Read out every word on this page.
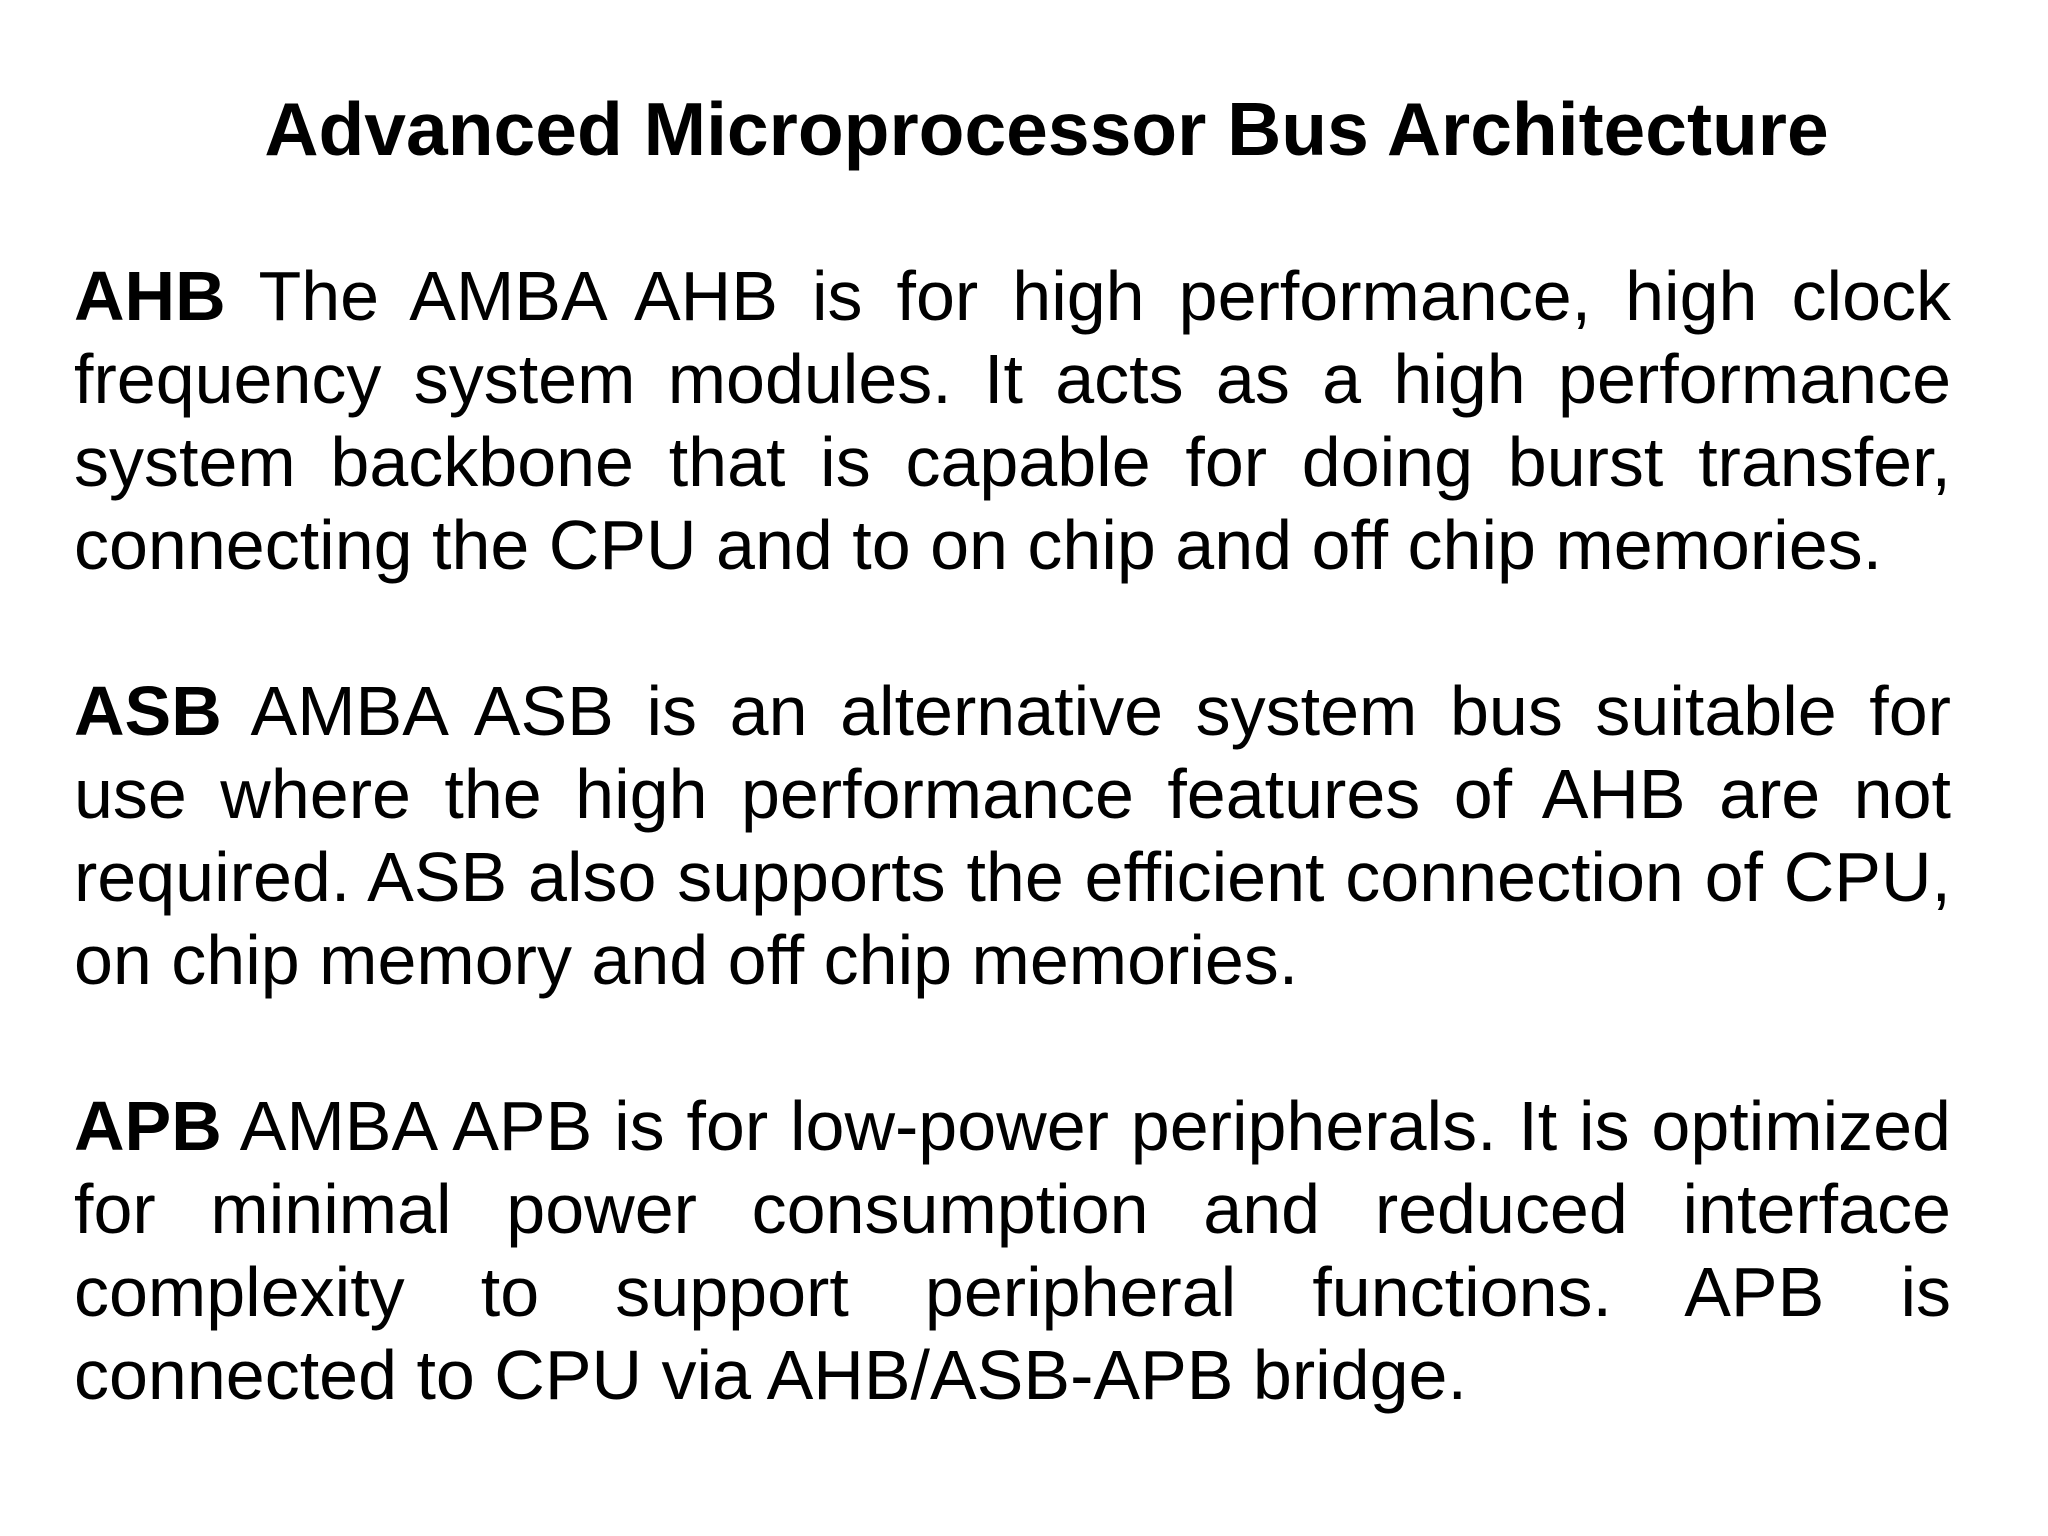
Advanced Microprocessor Bus Architecture

AHB The AMBA AHB is for high performance, high clock frequency system modules. It acts as a high performance system backbone that is capable for doing burst transfer, connecting the CPU and to on chip and off chip memories.

ASB AMBA ASB is an alternative system bus suitable for use where the high performance features of AHB are not required. ASB also supports the efficient connection of CPU, on chip memory and off chip memories.

APB AMBA APB is for low-power peripherals. It is optimized for minimal power consumption and reduced interface complexity to support peripheral functions. APB is connected to CPU via AHB/ASB-APB bridge.
